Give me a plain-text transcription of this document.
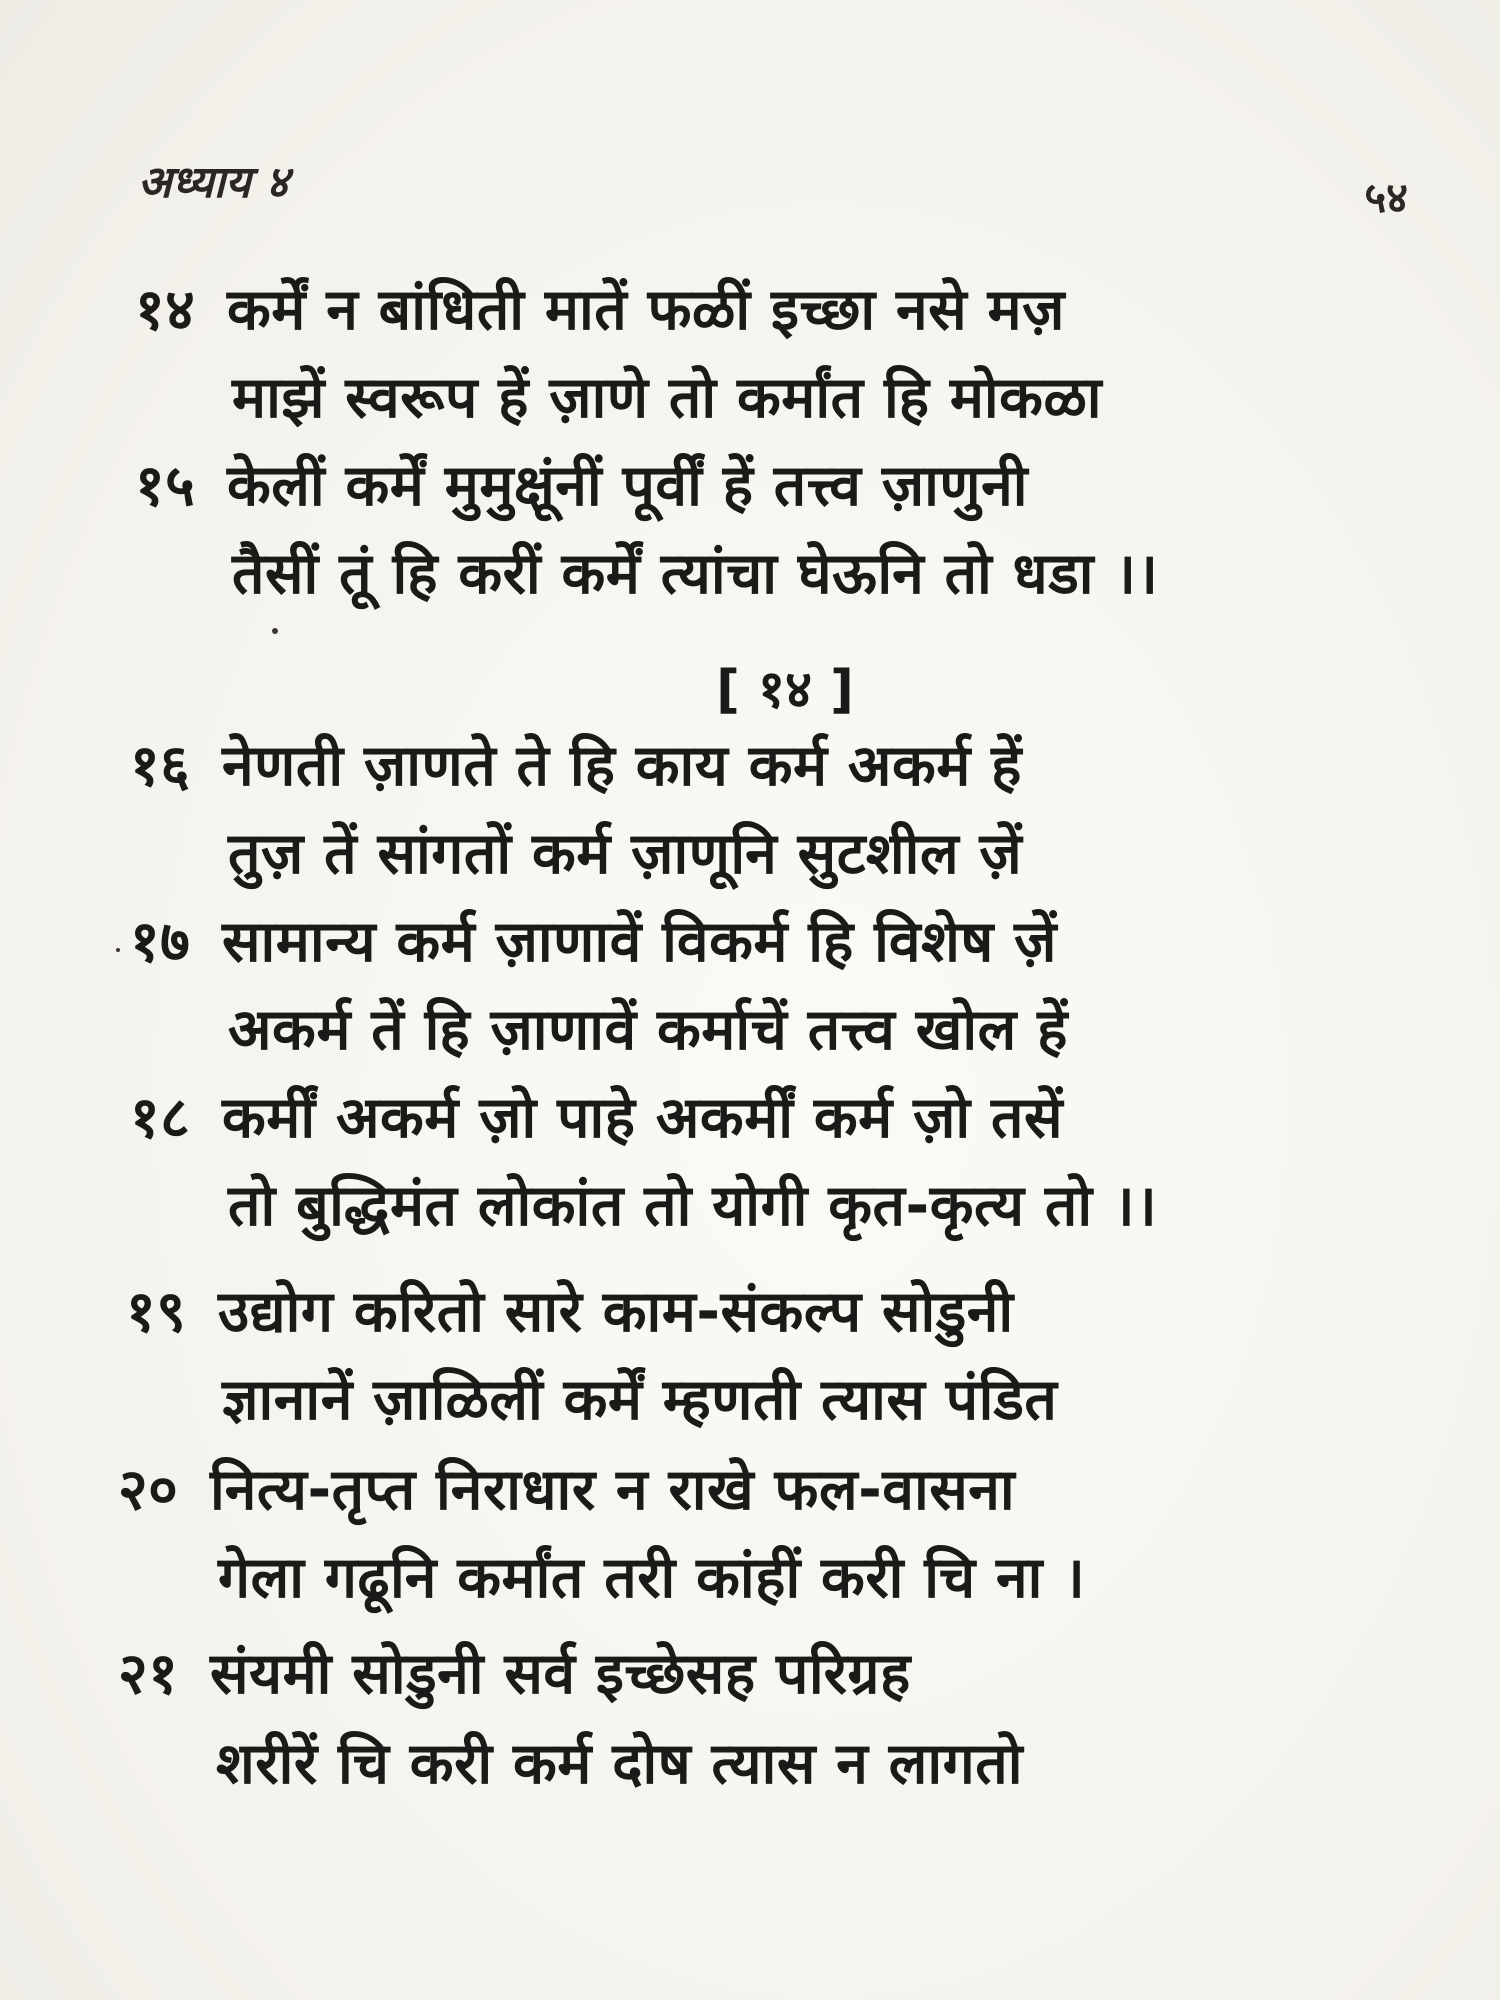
अध्याय ४	५४
१४ कर्में न बांधिती मातें फळीं इच्छा नसे मज़
माझें स्वरूप हें ज़ाणे तो कर्मांत हि मोकळा
१५ केलीं कर्में मुमुक्षूंनीं पूर्वीं हें तत्त्व ज़ाणुनी
तैसीं तूं हि करीं कर्में त्यांचा घेऊनि तो धडा ।।
[ १४ ]
१६ नेणती ज़ाणते ते हि काय कर्म अकर्म हें
तुज़ तें सांगतों कर्म ज़ाणूनि सुटशील ज़ें
१७ सामान्य कर्म ज़ाणावें विकर्म हि विशेष ज़ें
अकर्म तें हि ज़ाणावें कर्माचें तत्त्व खोल हें
१८ कर्मीं अकर्म ज़ो पाहे अकर्मीं कर्म ज़ो तसें
तो बुद्धिमंत लोकांत तो योगी कृत-कृत्य तो ।।
१९ उद्योग करितो सारे काम-संकल्प सोडुनी
ज्ञानानें ज़ाळिलीं कर्में म्हणती त्यास पंडित
२० नित्य-तृप्त निराधार न राखे फल-वासना
गेला गढूनि कर्मांत तरी कांहीं करी चि ना ।
२१ संयमी सोडुनी सर्व इच्छेसह परिग्रह
शरीरें चि करी कर्म दोष त्यास न लागतो
